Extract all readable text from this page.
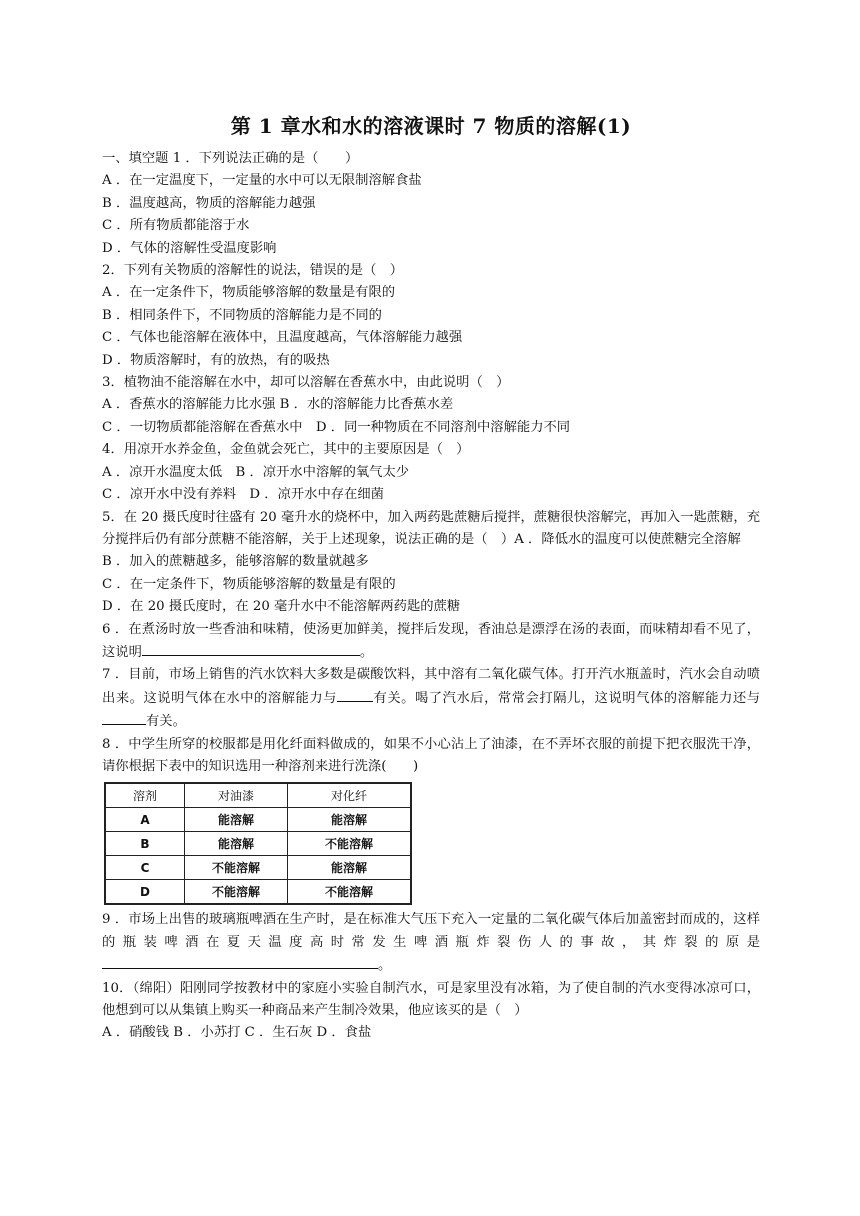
第 1 章水和水的溶液课时 7 物质的溶解(1)
一、填空题 1 ．下列说法正确的是（　　）
A ．在一定温度下，一定量的水中可以无限制溶解食盐
B ．温度越高，物质的溶解能力越强
C ．所有物质都能溶于水
D ．气体的溶解性受温度影响
2．下列有关物质的溶解性的说法，错误的是（　）
A ．在一定条件下，物质能够溶解的数量是有限的
B ．相同条件下，不同物质的溶解能力是不同的
C ．气体也能溶解在液体中，且温度越高，气体溶解能力越强
D ．物质溶解时，有的放热，有的吸热
3．植物油不能溶解在水中，却可以溶解在香蕉水中，由此说明（　）
A ．香蕉水的溶解能力比水强 B ．水的溶解能力比香蕉水差
C ．一切物质都能溶解在香蕉水中　D ．同一种物质在不同溶剂中溶解能力不同
4．用凉开水养金鱼，金鱼就会死亡，其中的主要原因是（　）
A ．凉开水温度太低　B ．凉开水中溶解的氧气太少
C ．凉开水中没有养料　D ．凉开水中存在细菌
5．在 20 摄氏度时往盛有 20 毫升水的烧杯中，加入两药匙蔗糖后搅拌，蔗糖很快溶解完，再加入一匙蔗糖，充分搅拌后仍有部分蔗糖不能溶解，关于上述现象，说法正确的是（　）A ．降低水的温度可以使蔗糖完全溶解
B ．加入的蔗糖越多，能够溶解的数量就越多
C ．在一定条件下，物质能够溶解的数量是有限的
D ．在 20 摄氏度时，在 20 毫升水中不能溶解两药匙的蔗糖
6 ．在煮汤时放一些香油和味精，使汤更加鲜美，搅拌后发现，香油总是漂浮在汤的表面，而味精却看不见了，这说明	。
7 ．目前，市场上销售的汽水饮料大多数是碳酸饮料，其中溶有二氧化碳气体。打开汽水瓶盖时，汽水会自动喷出来。这说明气体在水中的溶解能力与	有关。喝了汽水后，常常会打隔儿，这说明气体的溶解能力还与有关。
8 ．中学生所穿的校服都是用化纤面料做成的，如果不小心沾上了油漆，在不弄坏衣服的前提下把衣服洗干净，请你根据下表中的知识选用一种溶剂来进行洗涤(　　)
溶剂	对油漆	对化纤
A	能溶解	能溶解
B	能溶解	不能溶解
C	不能溶解	能溶解
D	不能溶解	不能溶解
9 ．市场上出售的玻璃瓶啤酒在生产时，是在标准大气压下充入一定量的二氧化碳气体后加盖密封而成的，这样的瓶装啤酒在夏天温度高时常发生啤酒瓶炸裂伤人的事故，其炸裂的原是。
10．（绵阳）阳刚同学按教材中的家庭小实验自制汽水，可是家里没有冰箱，为了使自制的汽水变得冰凉可口，他想到可以从集镇上购买一种商品来产生制冷效果，他应该买的是（　）
A ．硝酸钱 B ．小苏打 C ．生石灰 D ．食盐
